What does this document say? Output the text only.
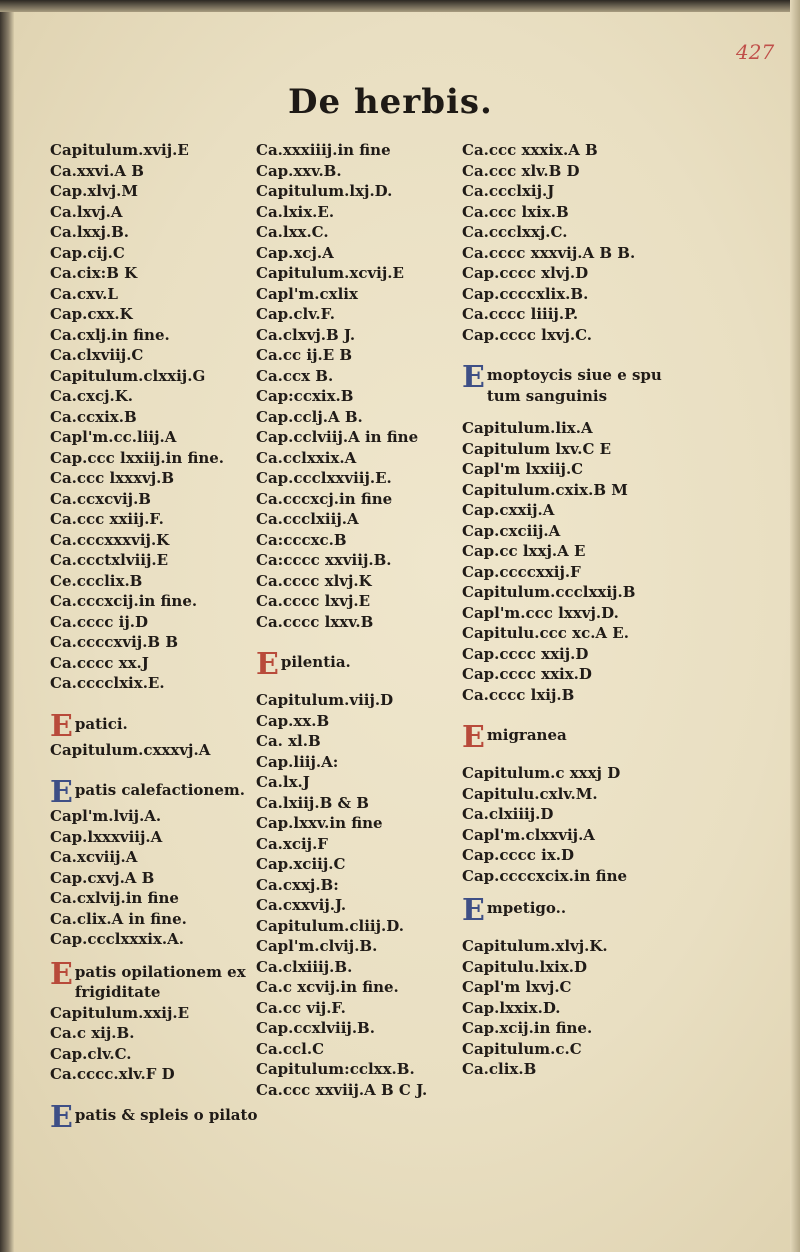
427
De herbis.
Capitulum.xvij.E
Ca.xxvi.A B
Cap.xlvj.M
Ca.lxvj.A
Ca.lxxj.B.
Cap.cij.C
Ca.cix:B K
Ca.cxv.L
Cap.cxx.K
Ca.cxlj.in fine.
Ca.clxviij.C
Capitulum.clxxij.G
Ca.cxcj.K.
Ca.ccxix.B
Capl'm.cc.liij.A
Cap.ccc lxxiij.in fine.
Ca.ccc lxxxvj.B
Ca.ccxcvij.B
Ca.ccc xxiij.F.
Ca.cccxxxvij.K
Ca.ccctxlviij.E
Ce.ccclix.B
Ca.cccxcij.in fine.
Ca.cccc ij.D
Ca.ccccxvij.B B
Ca.cccc xx.J
Ca.cccclxix.E.
E patici.
Capitulum.cxxxvj.A
E patis calefactionem.
Capl'm.lvij.A.
Cap.lxxxviij.A
Ca.xcviij.A
Cap.cxvj.A B
Ca.cxlvij.in fine
Ca.clix.A in fine.
Cap.ccclxxxix.A.
E patis opilationem ex frigiditate
Capitulum.xxij.E
Ca.c xij.B.
Cap.clv.C.
Ca.cccc.xlv.F D
E patis & spleis o pilato
Ca.xxxiiij.in fine
Cap.xxv.B.
Capitulum.lxj.D.
Ca.lxix.E.
Ca.lxx.C.
Cap.xcj.A
Capitulum.xcvij.E
Capl'm.cxlix
Cap.clv.F.
Ca.clxvj.B J.
Ca.cc ij.E B
Ca.ccx B.
Cap:ccxix.B
Cap.cclj.A B.
Cap.cclviij.A in fine
Ca.cclxxix.A
Cap.ccclxxviij.E.
Ca.cccxcj.in fine
Ca.ccclxiij.A
Ca:cccxc.B
Ca:cccc xxviij.B.
Ca.cccc xlvj.K
Ca.cccc lxvj.E
Ca.cccc lxxv.B
E pilentia.
Capitulum.viij.D
Cap.xx.B
Ca. xl.B
Cap.liij.A:
Ca.lx.J
Ca.lxiij.B & B
Cap.lxxv.in fine
Ca.xcij.F
Cap.xciij.C
Ca.cxxj.B:
Ca.cxxvij.J.
Capitulum.cliij.D.
Capl'm.clvij.B.
Ca.clxiiij.B.
Ca.c xcvij.in fine.
Ca.cc vij.F.
Cap.ccxlviij.B.
Ca.ccl.C
Capitulum:cclxx.B.
Ca.ccc xxviij.A B C J.
Ca.ccc xxxix.A B
Ca.ccc xlv.B D
Ca.ccclxij.J
Ca.ccc lxix.B
Ca.ccclxxj.C.
Ca.cccc xxxvij.A B B.
Cap.cccc xlvj.D
Cap.ccccxlix.B.
Ca.cccc liiij.P.
Cap.cccc lxvj.C.
E moptoycis siue e spu tum sanguinis
Capitulum.lix.A
Capitulum lxv.C E
Capl'm lxxiij.C
Capitulum.cxix.B M
Cap.cxxij.A
Cap.cxciij.A
Cap.cc lxxj.A E
Cap.ccccxxij.F
Capitulum.ccclxxij.B
Capl'm.ccc lxxvj.D.
Capitulu.ccc xc.A E.
Cap.cccc xxij.D
Cap.cccc xxix.D
Ca.cccc lxij.B
E migranea
Capitulum.c xxxj D
Capitulu.cxlv.M.
Ca.clxiiij.D
Capl'm.clxxvij.A
Cap.cccc ix.D
Cap.ccccxcix.in fine
E mpetigo..
Capitulum.xlvj.K.
Capitulu.lxix.D
Capl'm lxvj.C
Cap.lxxix.D.
Cap.xcij.in fine.
Capitulum.c.C
Ca.clix.B
